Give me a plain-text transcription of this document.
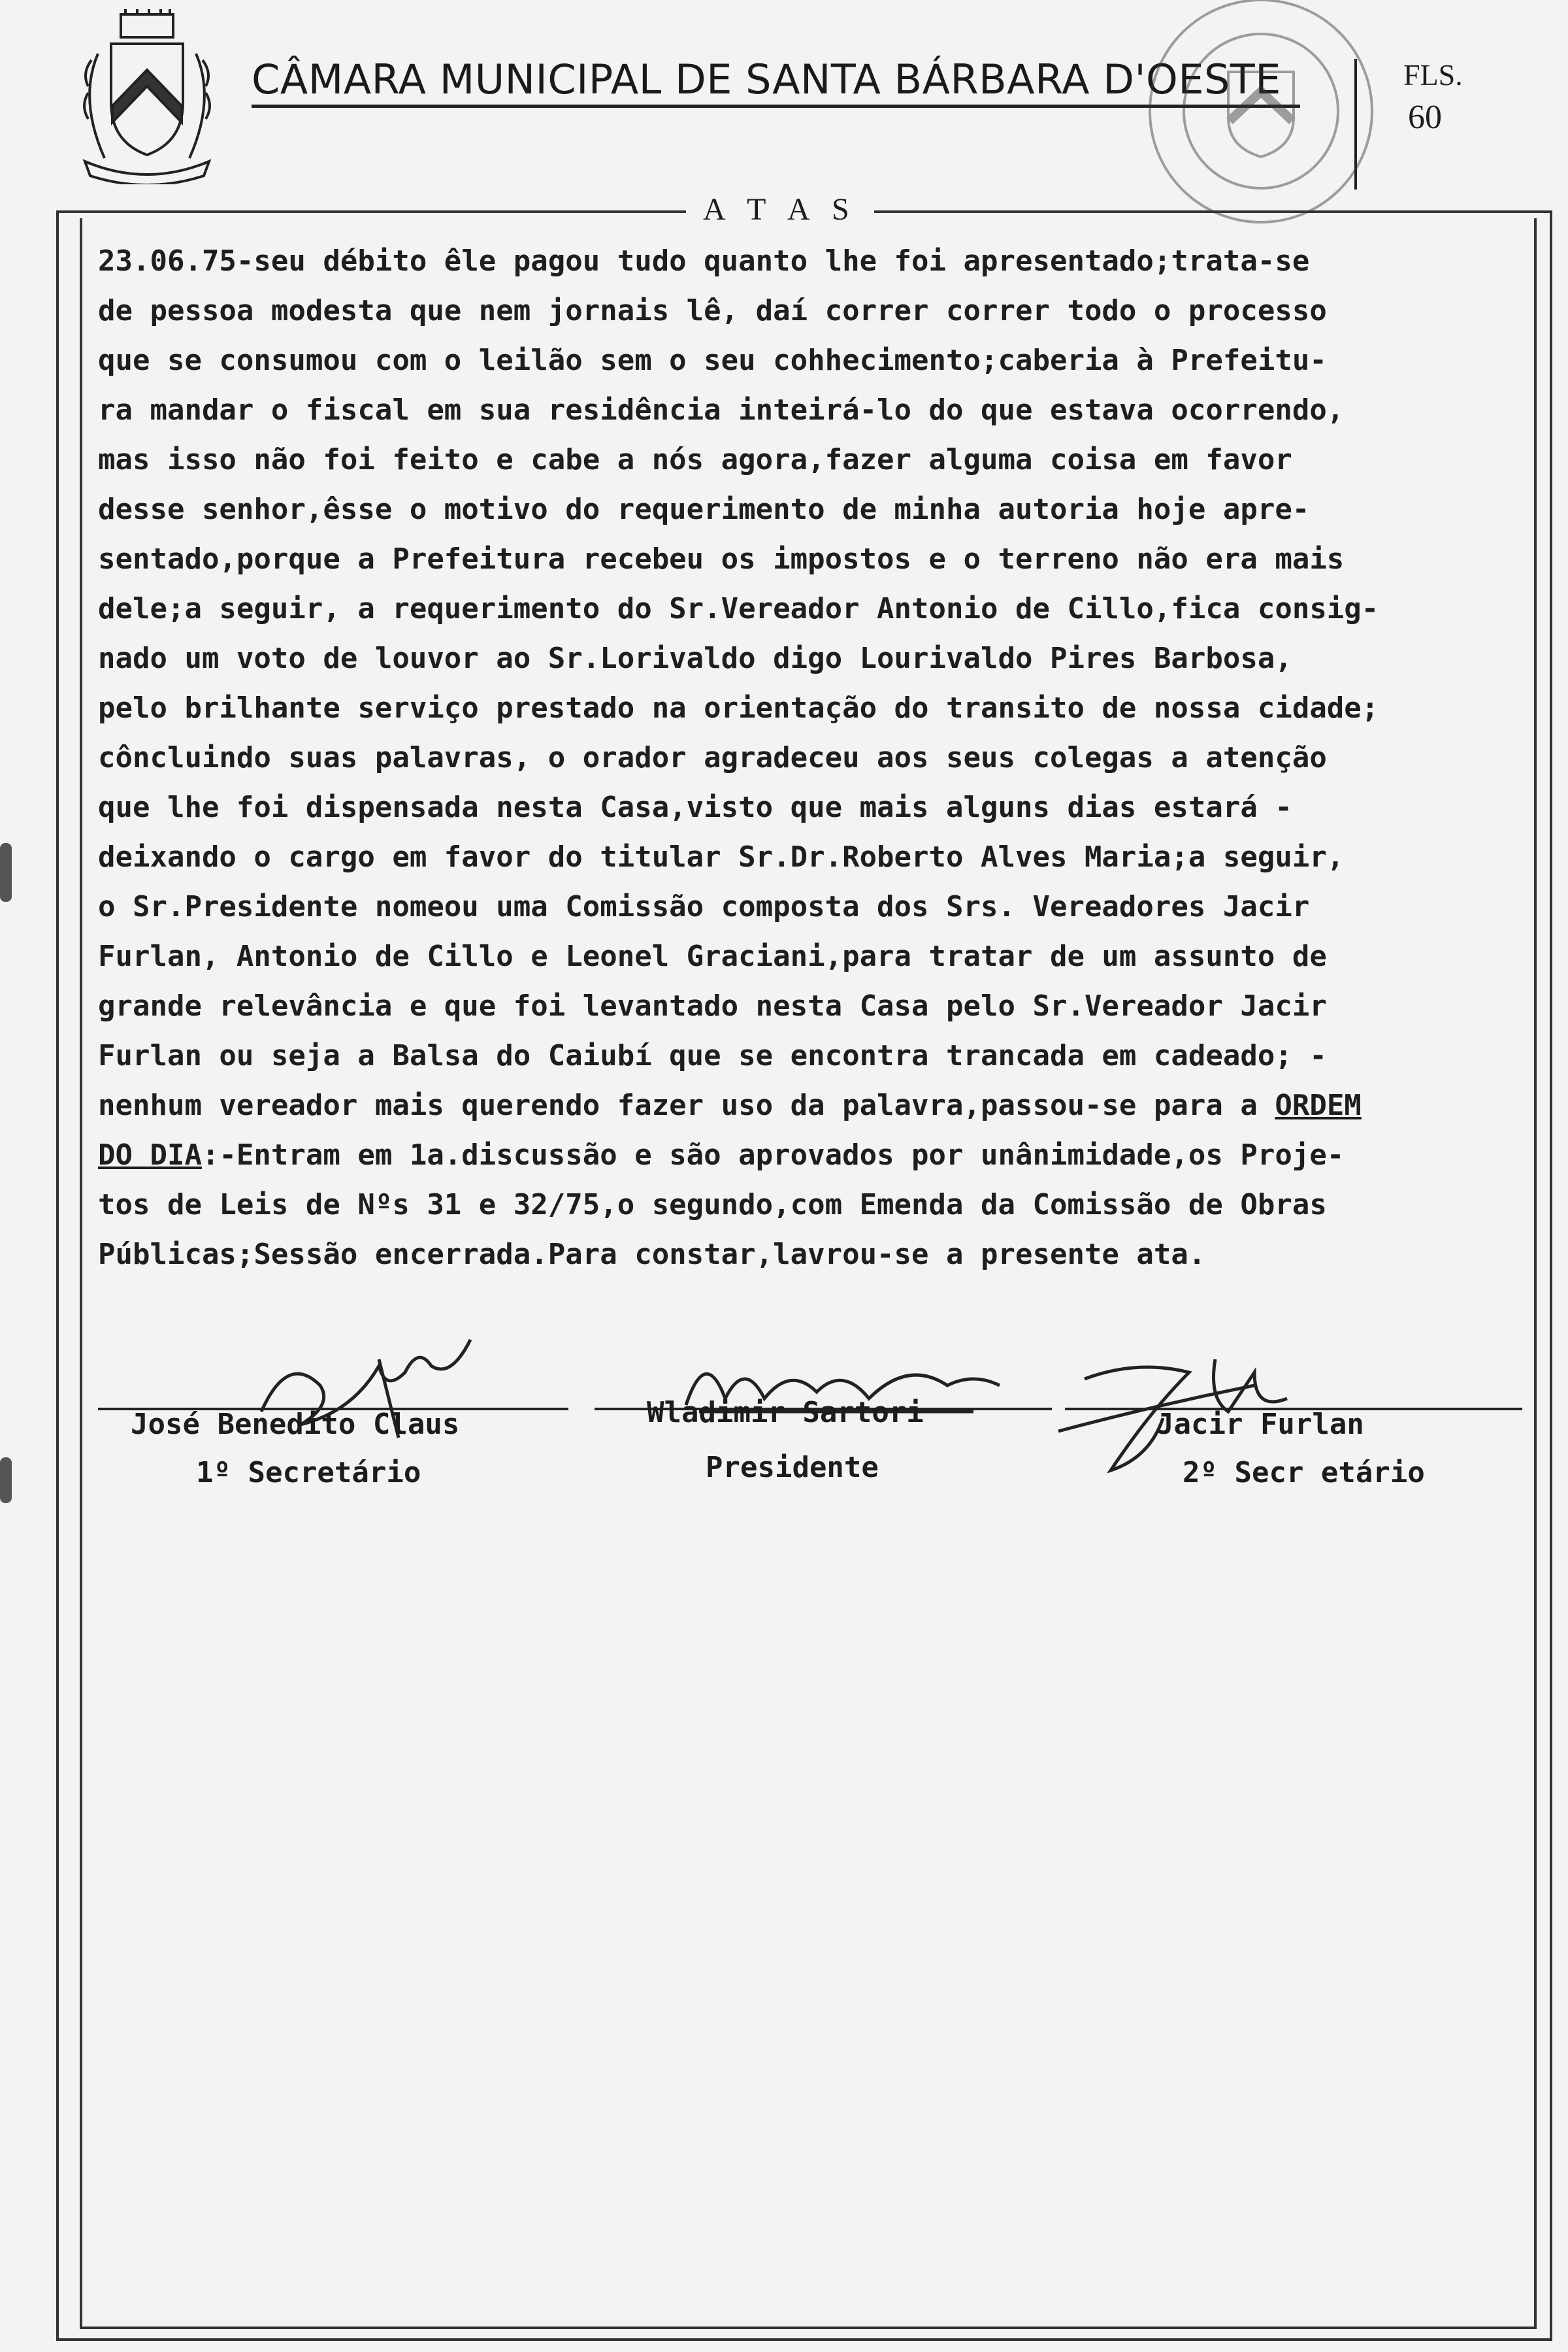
CÂMARA MUNICIPAL DE SANTA BÁRBARA D'OESTE	FLS.
60
A T A S
23.06.75-seu débito êle pagou tudo quanto lhe foi apresentado;trata-se
de pessoa modesta que nem jornais lê, daí correr correr todo o processo
que se consumou com o leilão sem o seu cohhecimento;caberia à Prefeitu-
ra mandar o fiscal em sua residência inteirá-lo do que estava ocorrendo,
mas isso não foi feito e cabe a nós agora,fazer alguma coisa em favor
desse senhor,êsse o motivo do requerimento de minha autoria hoje apre-
sentado,porque a Prefeitura recebeu os impostos e o terreno não era mais
dele;a seguir, a requerimento do Sr.Vereador Antonio de Cillo,fica consig-
nado um voto de louvor ao Sr.Lorivaldo digo Lourivaldo Pires Barbosa,
pelo brilhante serviço prestado na orientação do transito de nossa cidade;
côncluindo suas palavras, o orador agradeceu aos seus colegas a atenção
que lhe foi dispensada nesta Casa,visto que mais alguns dias estará -
deixando o cargo em favor do titular Sr.Dr.Roberto Alves Maria;a seguir,
o Sr.Presidente nomeou uma Comissão composta dos Srs. Vereadores Jacir
Furlan, Antonio de Cillo e Leonel Graciani,para tratar de um assunto de
grande relevância e que foi levantado nesta Casa pelo Sr.Vereador Jacir
Furlan ou seja a Balsa do Caiubí que se encontra trancada em cadeado; -
nenhum vereador mais querendo fazer uso da palavra,passou-se para a ORDEM
DO DIA:-Entram em 1a.discussão e são aprovados por unânimidade,os Proje-
tos de Leis de Nºs 31 e 32/75,o segundo,com Emenda da Comissão de Obras
Públicas;Sessão encerrada.Para constar,lavrou-se a presente ata.
José Benedito Claus
1º Secretário
Wladimir Sartori
Presidente
Jacir Furlan
2º Secr etário
